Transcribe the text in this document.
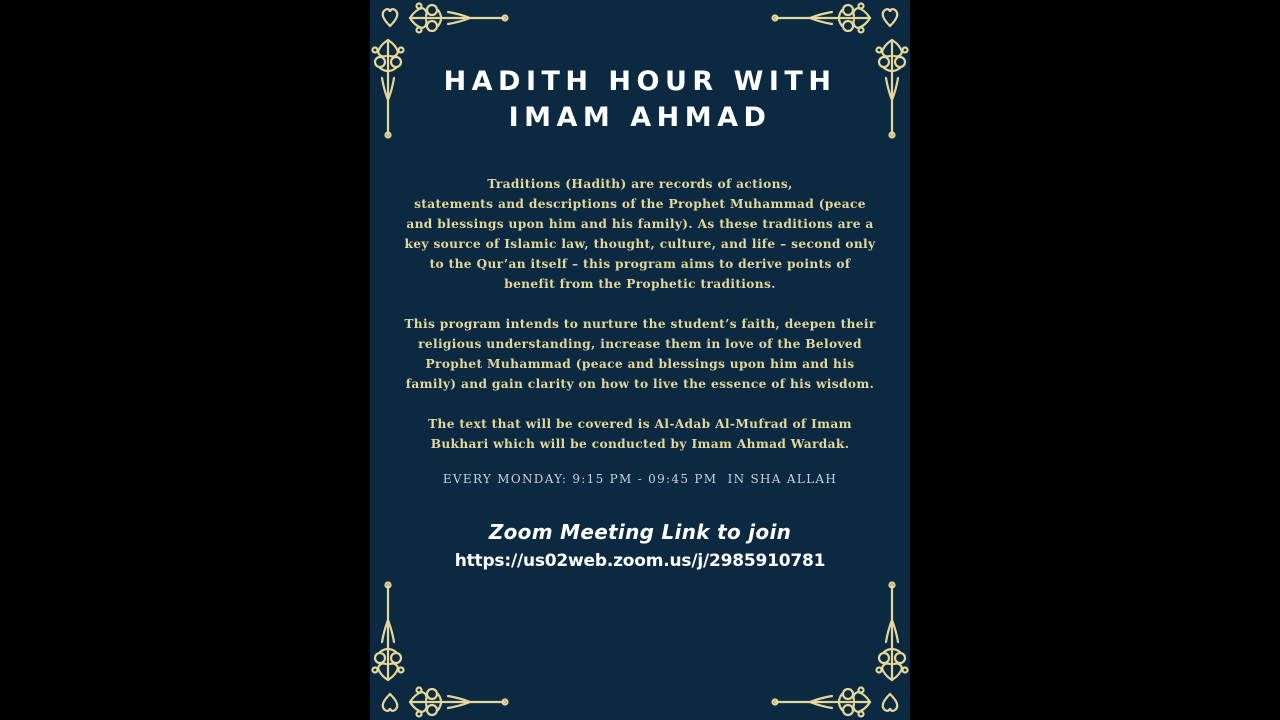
HADITH HOUR WITH
IMAM AHMAD
Traditions (Hadith) are records of actions,
statements and descriptions of the Prophet Muhammad (peace
and blessings upon him and his family). As these traditions are a
key source of Islamic law, thought, culture, and life – second only
to the Qur’an itself – this program aims to derive points of
benefit from the Prophetic traditions.
This program intends to nurture the student’s faith, deepen their
religious understanding, increase them in love of the Beloved
Prophet Muhammad (peace and blessings upon him and his
family) and gain clarity on how to live the essence of his wisdom.
The text that will be covered is Al-Adab Al-Mufrad of Imam
Bukhari which will be conducted by Imam Ahmad Wardak.
EVERY MONDAY: 9:15 PM - 09:45 PM  IN SHA ALLAH
Zoom Meeting Link to join
https://us02web.zoom.us/j/2985910781
